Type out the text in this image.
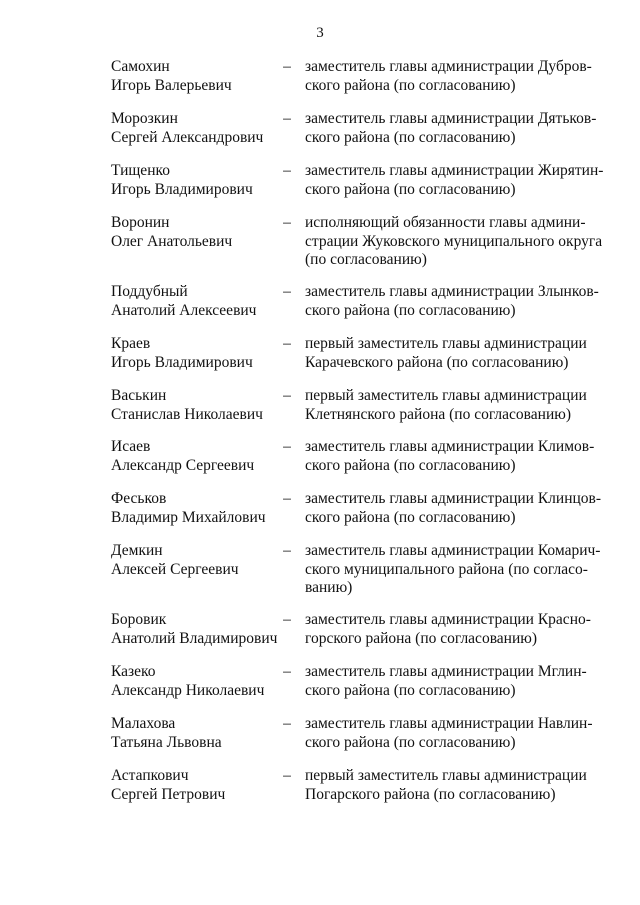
3
Самохин
Игорь Валерьевич
– заместитель главы администрации Дубров-
ского района (по согласованию)
Морозкин
Сергей Александрович
– заместитель главы администрации Дятьков-
ского района (по согласованию)
Тищенко
Игорь Владимирович
– заместитель главы администрации Жирятин-
ского района (по согласованию)
Воронин
Олег Анатольевич
– исполняющий обязанности главы админи-
страции Жуковского муниципального округа
(по согласованию)
Поддубный
Анатолий Алексеевич
– заместитель главы администрации Злынков-
ского района (по согласованию)
Краев
Игорь Владимирович
– первый заместитель главы администрации
Карачевского района (по согласованию)
Васькин
Станислав Николаевич
– первый заместитель главы администрации
Клетнянского района (по согласованию)
Исаев
Александр Сергеевич
– заместитель главы администрации Климов-
ского района (по согласованию)
Феськов
Владимир Михайлович
– заместитель главы администрации Клинцов-
ского района (по согласованию)
Демкин
Алексей Сергеевич
– заместитель главы администрации Комарич-
ского муниципального района (по согласо-
ванию)
Боровик
Анатолий Владимирович
– заместитель главы администрации Красно-
горского района (по согласованию)
Казеко
Александр Николаевич
– заместитель главы администрации Мглин-
ского района (по согласованию)
Малахова
Татьяна Львовна
– заместитель главы администрации Навлин-
ского района (по согласованию)
Астапкович
Сергей Петрович
– первый заместитель главы администрации
Погарского района (по согласованию)
